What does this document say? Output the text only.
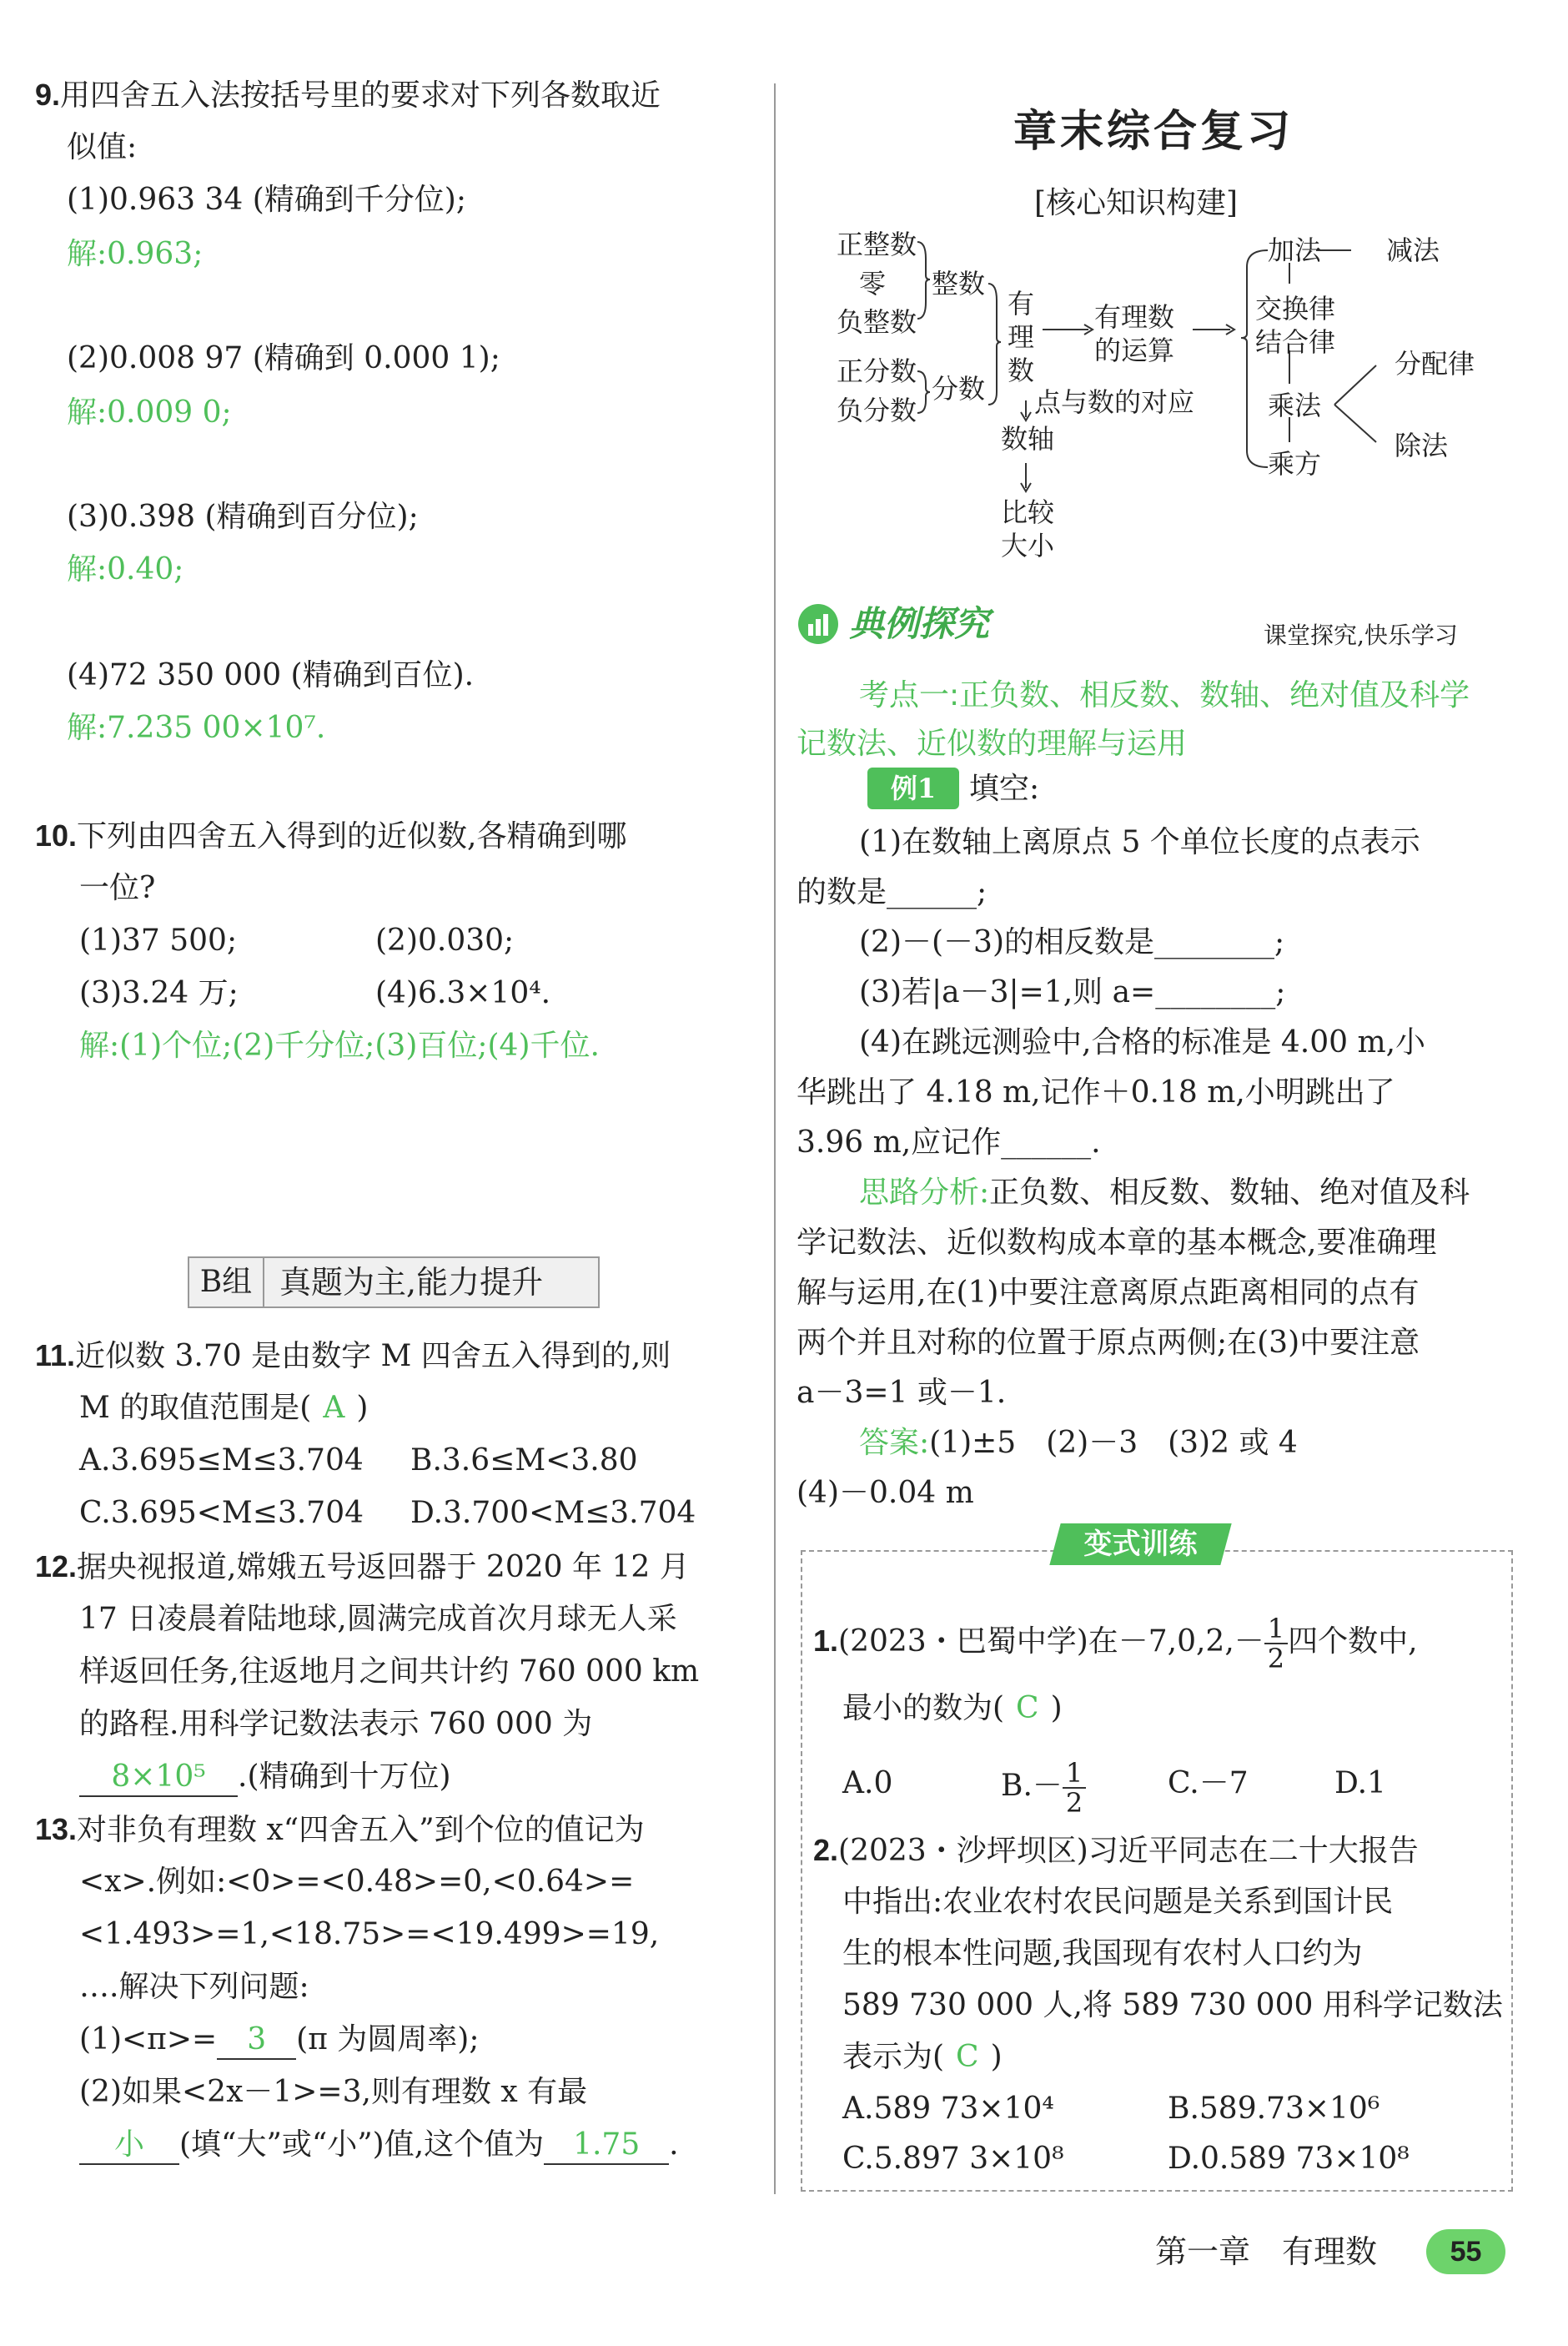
9.用四舍五入法按括号里的要求对下列各数取近
似值:
(1)0.963 34 (精确到千分位);
解:0.963;
(2)0.008 97 (精确到 0.000 1);
解:0.009 0;
(3)0.398 (精确到百分位);
解:0.40;
(4)72 350 000 (精确到百位).
解:7.235 00×10⁷.
10.下列由四舍五入得到的近似数,各精确到哪
一位?
(1)37 500;	(2)0.030;
(3)3.24 万;	(4)6.3×10⁴.
解:(1)个位;(2)千分位;(3)百位;(4)千位.
B组 真题为主,能力提升
11.近似数 3.70 是由数字 M 四舍五入得到的,则
M 的取值范围是( A )
A.3.695≤M≤3.704 B.3.6≤M<3.80
C.3.695<M≤3.704 D.3.700<M≤3.704
12.据央视报道,嫦娥五号返回器于 2020 年 12 月
17 日凌晨着陆地球,圆满完成首次月球无人采
样返回任务,往返地月之间共计约 760 000 km
的路程.用科学记数法表示 760 000 为
8×10⁵ .(精确到十万位)
13.对非负有理数 x“四舍五入”到个位的值记为
<x>.例如:<0>=<0.48>=0,<0.64>=
<1.493>=1,<18.75>=<19.499>=19,
….解决下列问题:
(1)<π>= 3 (π 为圆周率);
(2)如果<2x－1>=3,则有理数 x 有最
小 (填“大”或“小”)值,这个值为 1.75 .
章末综合复习
[核心知识构建]
正整数
零
负整数
整数
正分数
负分数
分数
有
理
数
有理数
的运算
点与数的对应
数轴
比较
大小
加法 减法
交换律
结合律
乘法
分配律
除法
乘方
典例探究	课堂探究,快乐学习
考点一:正负数、相反数、数轴、绝对值及科学
记数法、近似数的理解与运用
例1	填空:
(1)在数轴上离原点 5 个单位长度的点表示
的数是______;
(2)－(－3)的相反数是________;
(3)若|a－3|=1,则 a=________;
(4)在跳远测验中,合格的标准是 4.00 m,小
华跳出了 4.18 m,记作＋0.18 m,小明跳出了
3.96 m,应记作______.
思路分析:正负数、相反数、数轴、绝对值及科
学记数法、近似数构成本章的基本概念,要准确理
解与运用,在(1)中要注意离原点距离相同的点有
两个并且对称的位置于原点两侧;在(3)中要注意
a－3=1 或－1.
答案:(1)±5　(2)－3　(3)2 或 4
(4)－0.04 m
变式训练
1.(2023・巴蜀中学)在$-7,0,2,- \frac{1}{2}$ 四个数中,
最小的数为( C )
A.0	$B.- \frac{1}{2}$	C.－7	D.1
2.(2023・沙坪坝区)习近平同志在二十大报告
中指出:农业农村农民问题是关系到国计民
生的根本性问题,我国现有农村人口约为
589 730 000 人,将 589 730 000 用科学记数法
表示为( C )
A.589 73×10⁴	B.589.73×10⁶
C.5.897 3×10⁸	D.0.589 73×10⁸
第一章　有理数	55
